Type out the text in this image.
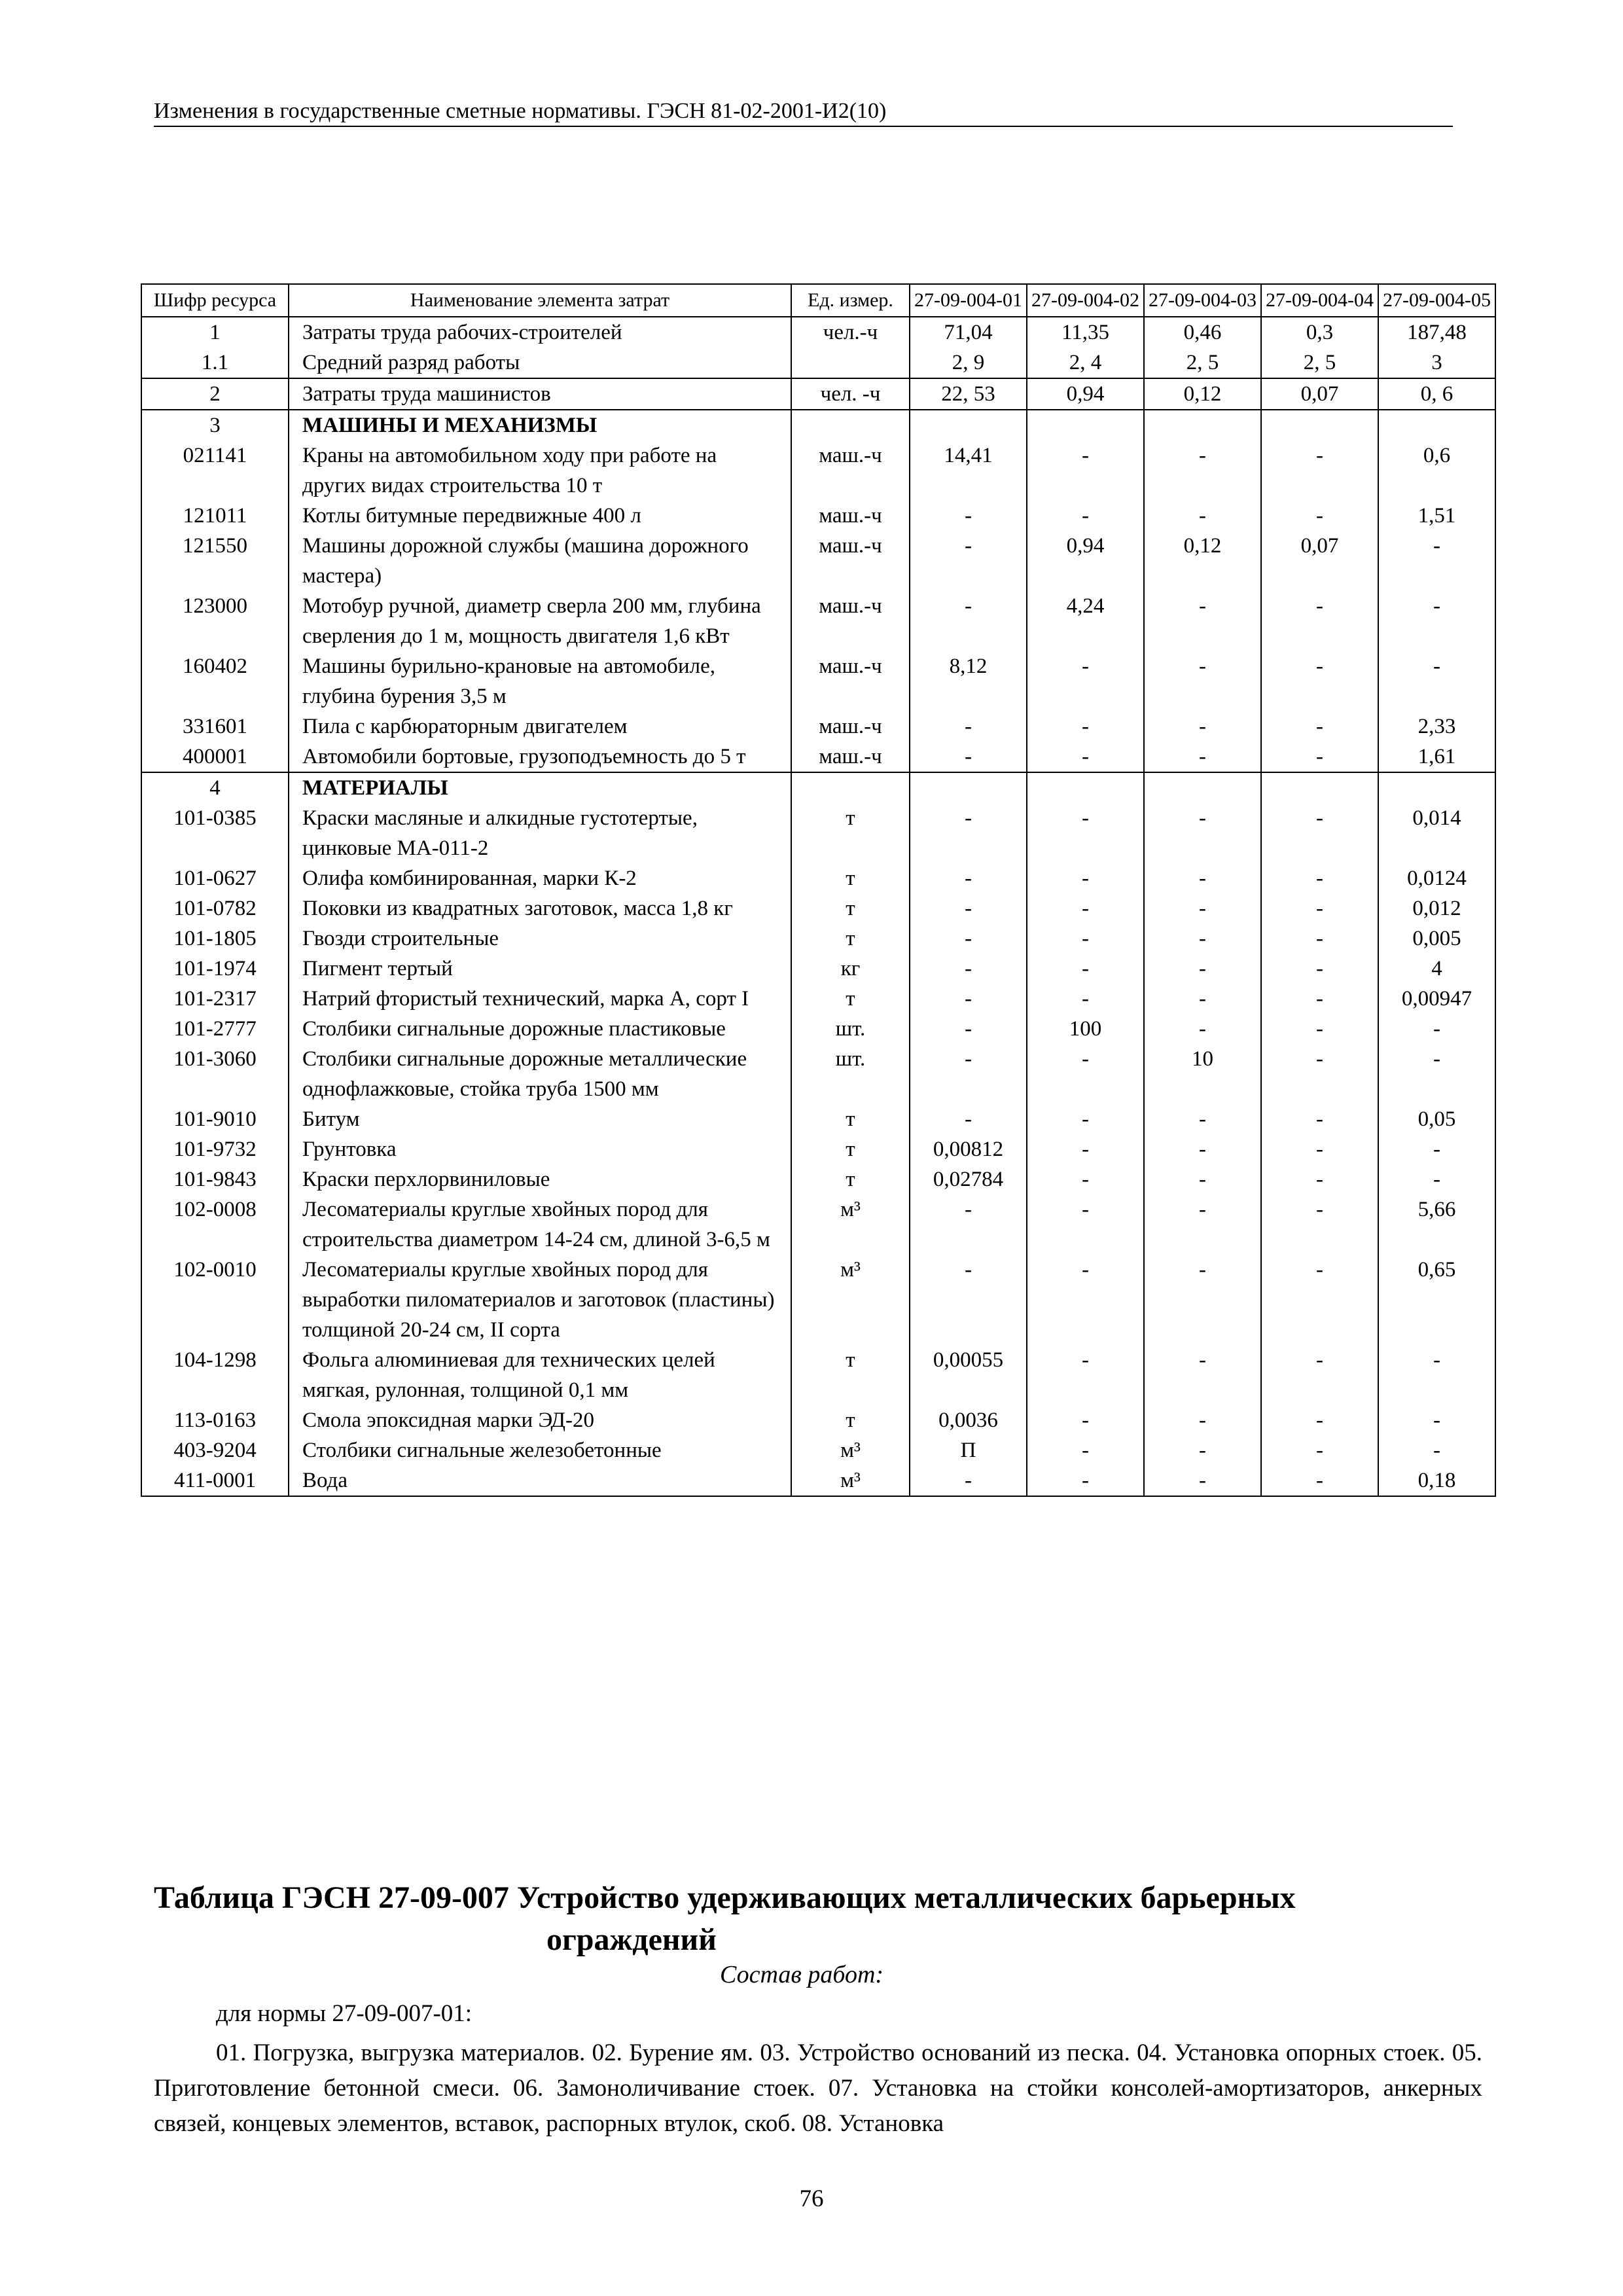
Изменения в государственные сметные нормативы. ГЭСН 81-02-2001-И2(10)
Шифр ресурса	Наименование элемента затрат	Ед. измер.	27-09-004-01	27-09-004-02	27-09-004-03	27-09-004-04	27-09-004-05
1	Затраты труда рабочих-строителей	чел.-ч	71,04	11,35	0,46	0,3	187,48
1.1	Средний разряд работы		2, 9	2, 4	2, 5	2, 5	3
2	Затраты труда машинистов	чел. -ч	22, 53	0,94	0,12	0,07	0, 6
3	МАШИНЫ И МЕХАНИЗМЫ						
021141	Краны на автомобильном ходу при работе на других видах строительства 10 т	маш.-ч	14,41	-	-	-	0,6
121011	Котлы битумные передвижные 400 л	маш.-ч	-	-	-	-	1,51
121550	Машины дорожной службы (машина дорожного мастера)	маш.-ч	-	0,94	0,12	0,07	-
123000	Мотобур ручной, диаметр сверла 200 мм, глубина сверления до 1 м, мощность двигателя 1,6 кВт	маш.-ч	-	4,24	-	-	-
160402	Машины бурильно-крановые на автомобиле, глубина бурения 3,5 м	маш.-ч	8,12	-	-	-	-
331601	Пила с карбюраторным двигателем	маш.-ч	-	-	-	-	2,33
400001	Автомобили бортовые, грузоподъемность до 5 т	маш.-ч	-	-	-	-	1,61
4	МАТЕРИАЛЫ						
101-0385	Краски масляные и алкидные густотертые, цинковые МА-011-2	т	-	-	-	-	0,014
101-0627	Олифа комбинированная, марки К-2	т	-	-	-	-	0,0124
101-0782	Поковки из квадратных заготовок, масса 1,8 кг	т	-	-	-	-	0,012
101-1805	Гвозди строительные	т	-	-	-	-	0,005
101-1974	Пигмент тертый	кг	-	-	-	-	4
101-2317	Натрий фтористый технический, марка А, сорт I	т	-	-	-	-	0,00947
101-2777	Столбики сигнальные дорожные пластиковые	шт.	-	100	-	-	-
101-3060	Столбики сигнальные дорожные металлические однофлажковые, стойка труба 1500 мм	шт.	-	-	10	-	-
101-9010	Битум	т	-	-	-	-	0,05
101-9732	Грунтовка	т	0,00812	-	-	-	-
101-9843	Краски перхлорвиниловые	т	0,02784	-	-	-	-
102-0008	Лесоматериалы круглые хвойных пород для строительства диаметром 14-24 см, длиной 3-6,5 м	м³	-	-	-	-	5,66
102-0010	Лесоматериалы круглые хвойных пород для выработки пиломатериалов и заготовок (пластины) толщиной 20-24 см, II сорта	м³	-	-	-	-	0,65
104-1298	Фольга алюминиевая для технических целей мягкая, рулонная, толщиной 0,1 мм	т	0,00055	-	-	-	-
113-0163	Смола эпоксидная марки ЭД-20	т	0,0036	-	-	-	-
403-9204	Столбики сигнальные железобетонные	м³	П	-	-	-	-
411-0001	Вода	м³	-	-	-	-	0,18
Таблица ГЭСН 27-09-007 Устройство удерживающих металлических барьерных
ограждений
Состав работ:
для нормы 27-09-007-01:
01. Погрузка, выгрузка материалов. 02. Бурение ям. 03. Устройство оснований из песка. 04. Установка опорных стоек. 05. Приготовление бетонной смеси. 06. Замоноличивание стоек. 07. Установка на стойки консолей-амортизаторов, анкерных связей, концевых элементов, вставок, распорных втулок, скоб. 08. Установка
76
